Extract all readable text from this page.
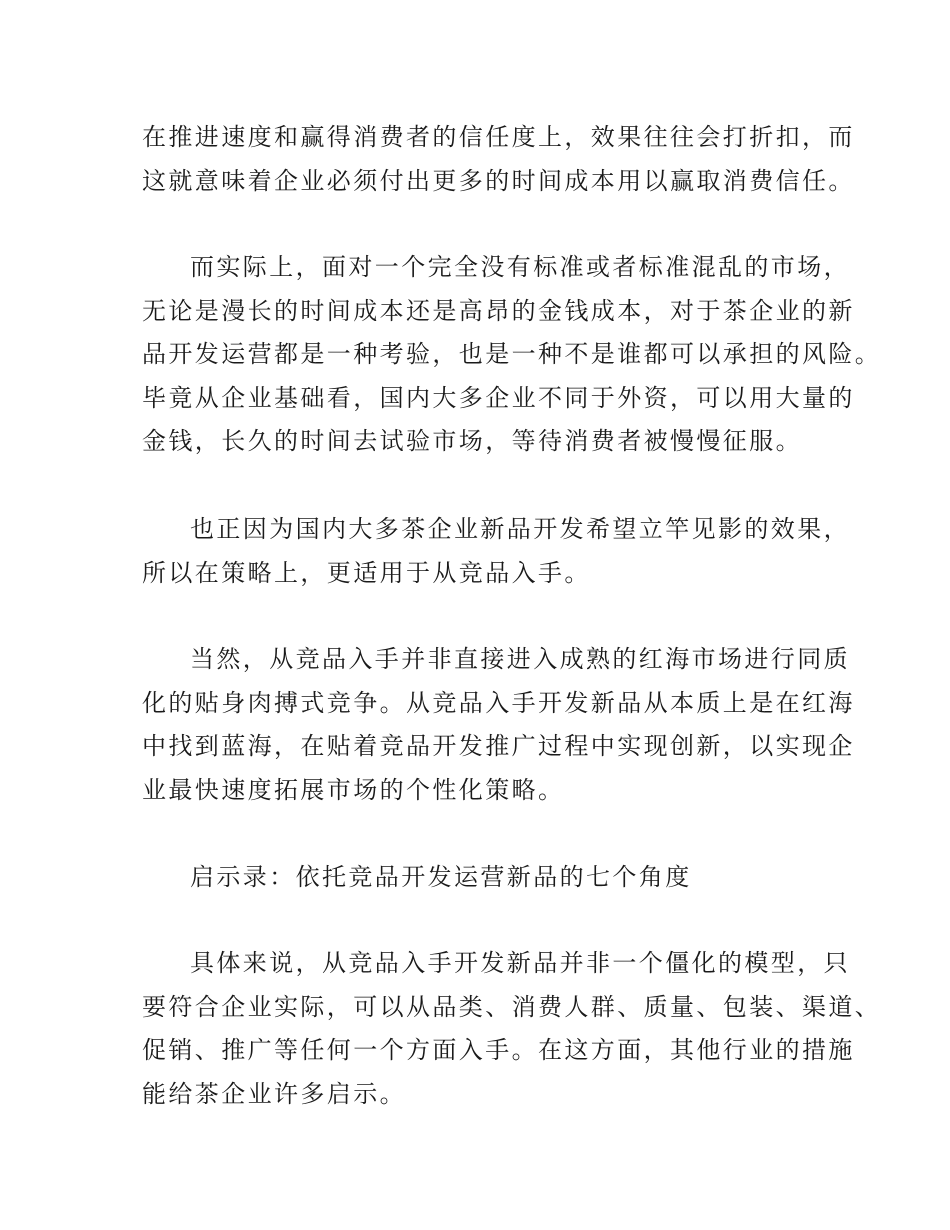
在推进速度和赢得消费者的信任度上，效果往往会打折扣，而
这就意味着企业必须付出更多的时间成本用以赢取消费信任。
而实际上，面对一个完全没有标准或者标准混乱的市场，
无论是漫长的时间成本还是高昂的金钱成本，对于茶企业的新
品开发运营都是一种考验，也是一种不是谁都可以承担的风险。
毕竟从企业基础看，国内大多企业不同于外资，可以用大量的
金钱，长久的时间去试验市场，等待消费者被慢慢征服。
也正因为国内大多茶企业新品开发希望立竿见影的效果，
所以在策略上，更适用于从竞品入手。
当然，从竞品入手并非直接进入成熟的红海市场进行同质
化的贴身肉搏式竞争。从竞品入手开发新品从本质上是在红海
中找到蓝海，在贴着竞品开发推广过程中实现创新，以实现企
业最快速度拓展市场的个性化策略。
启示录：依托竞品开发运营新品的七个角度
具体来说，从竞品入手开发新品并非一个僵化的模型，只
要符合企业实际，可以从品类、消费人群、质量、包装、渠道、
促销、推广等任何一个方面入手。在这方面，其他行业的措施
能给茶企业许多启示。
